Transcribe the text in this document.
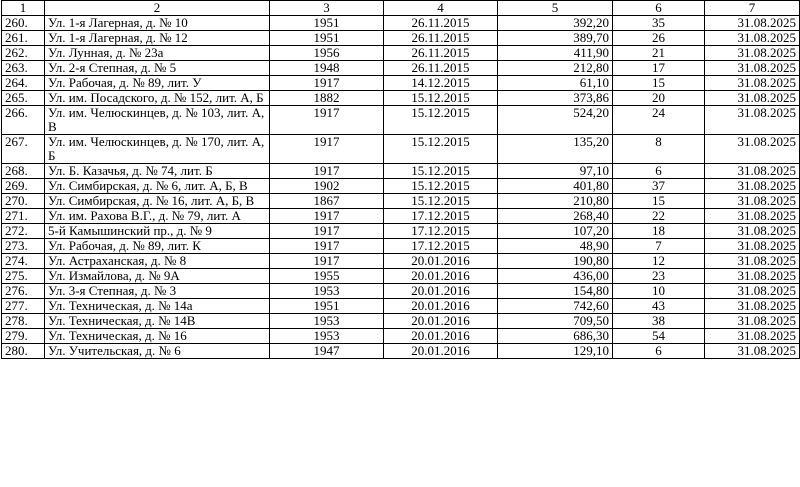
1	2	3	4	5	6	7
260.	Ул. 1-я Лагерная, д. № 10	1951	26.11.2015	392,20	35	31.08.2025
261.	Ул. 1-я Лагерная, д. № 12	1951	26.11.2015	389,70	26	31.08.2025
262.	Ул. Лунная, д. № 23а	1956	26.11.2015	411,90	21	31.08.2025
263.	Ул. 2-я Степная, д. № 5	1948	26.11.2015	212,80	17	31.08.2025
264.	Ул. Рабочая, д. № 89, лит. У	1917	14.12.2015	61,10	15	31.08.2025
265.	Ул. им. Посадского, д. № 152, лит. А, Б	1882	15.12.2015	373,86	20	31.08.2025
266.	Ул. им. Челюскинцев, д. № 103, лит. А, В	1917	15.12.2015	524,20	24	31.08.2025
267.	Ул. им. Челюскинцев, д. № 170, лит. А, Б	1917	15.12.2015	135,20	8	31.08.2025
268.	Ул. Б. Казачья, д. № 74, лит. Б	1917	15.12.2015	97,10	6	31.08.2025
269.	Ул. Симбирская, д. № 6, лит. А, Б, В	1902	15.12.2015	401,80	37	31.08.2025
270.	Ул. Симбирская, д. № 16, лит. А, Б, В	1867	15.12.2015	210,80	15	31.08.2025
271.	Ул. им. Рахова В.Г., д. № 79, лит. А	1917	17.12.2015	268,40	22	31.08.2025
272.	5-й Камышинский пр., д. № 9	1917	17.12.2015	107,20	18	31.08.2025
273.	Ул. Рабочая, д. № 89, лит. К	1917	17.12.2015	48,90	7	31.08.2025
274.	Ул. Астраханская, д. № 8	1917	20.01.2016	190,80	12	31.08.2025
275.	Ул. Измайлова, д. № 9А	1955	20.01.2016	436,00	23	31.08.2025
276.	Ул. 3-я Степная, д. № 3	1953	20.01.2016	154,80	10	31.08.2025
277.	Ул. Техническая, д. № 14а	1951	20.01.2016	742,60	43	31.08.2025
278.	Ул. Техническая, д. № 14В	1953	20.01.2016	709,50	38	31.08.2025
279.	Ул. Техническая, д. № 16	1953	20.01.2016	686,30	54	31.08.2025
280.	Ул. Учительская, д. № 6	1947	20.01.2016	129,10	6	31.08.2025
